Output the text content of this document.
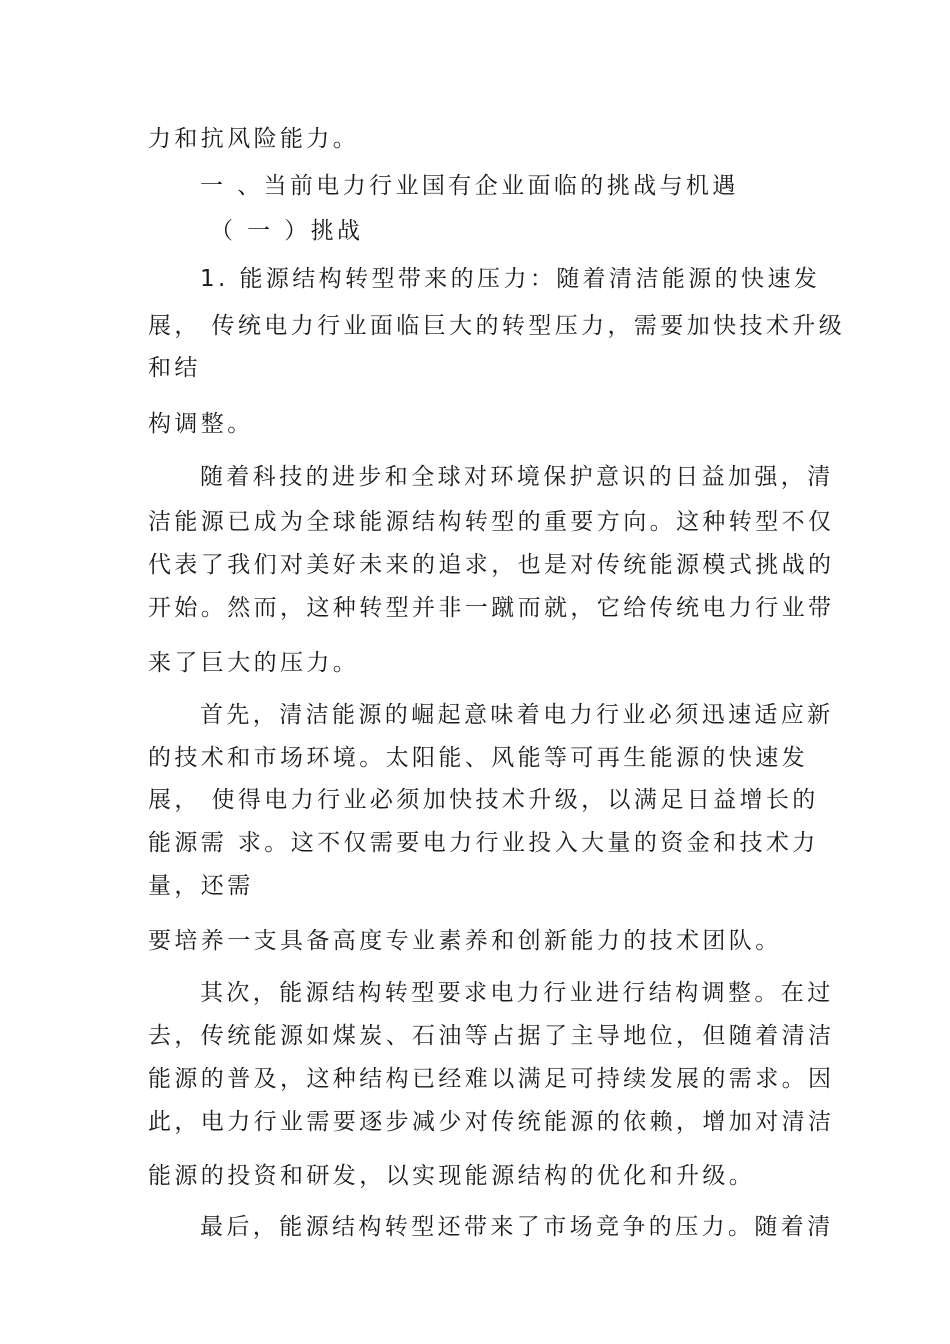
力和抗风险能力。
一 、当前电力行业国有企业面临的挑战与机遇
（ 一 ）挑战
1. 能源结构转型带来的压力：随着清洁能源的快速发
展， 传统电力行业面临巨大的转型压力，需要加快技术升级
和结
构调整。
随着科技的进步和全球对环境保护意识的日益加强，清
洁能源已成为全球能源结构转型的重要方向。这种转型不仅
代表了我们对美好未来的追求，也是对传统能源模式挑战的
开始。然而，这种转型并非一蹴而就，它给传统电力行业带
来了巨大的压力。
首先，清洁能源的崛起意味着电力行业必须迅速适应新
的技术和市场环境。太阳能、风能等可再生能源的快速发
展， 使得电力行业必须加快技术升级，以满足日益增长的
能源需 求。这不仅需要电力行业投入大量的资金和技术力
量，还需
要培养一支具备高度专业素养和创新能力的技术团队。
其次，能源结构转型要求电力行业进行结构调整。在过
去，传统能源如煤炭、石油等占据了主导地位，但随着清洁
能源的普及，这种结构已经难以满足可持续发展的需求。因
此，电力行业需要逐步减少对传统能源的依赖，增加对清洁
能源的投资和研发，以实现能源结构的优化和升级。
最后，能源结构转型还带来了市场竞争的压力。随着清
